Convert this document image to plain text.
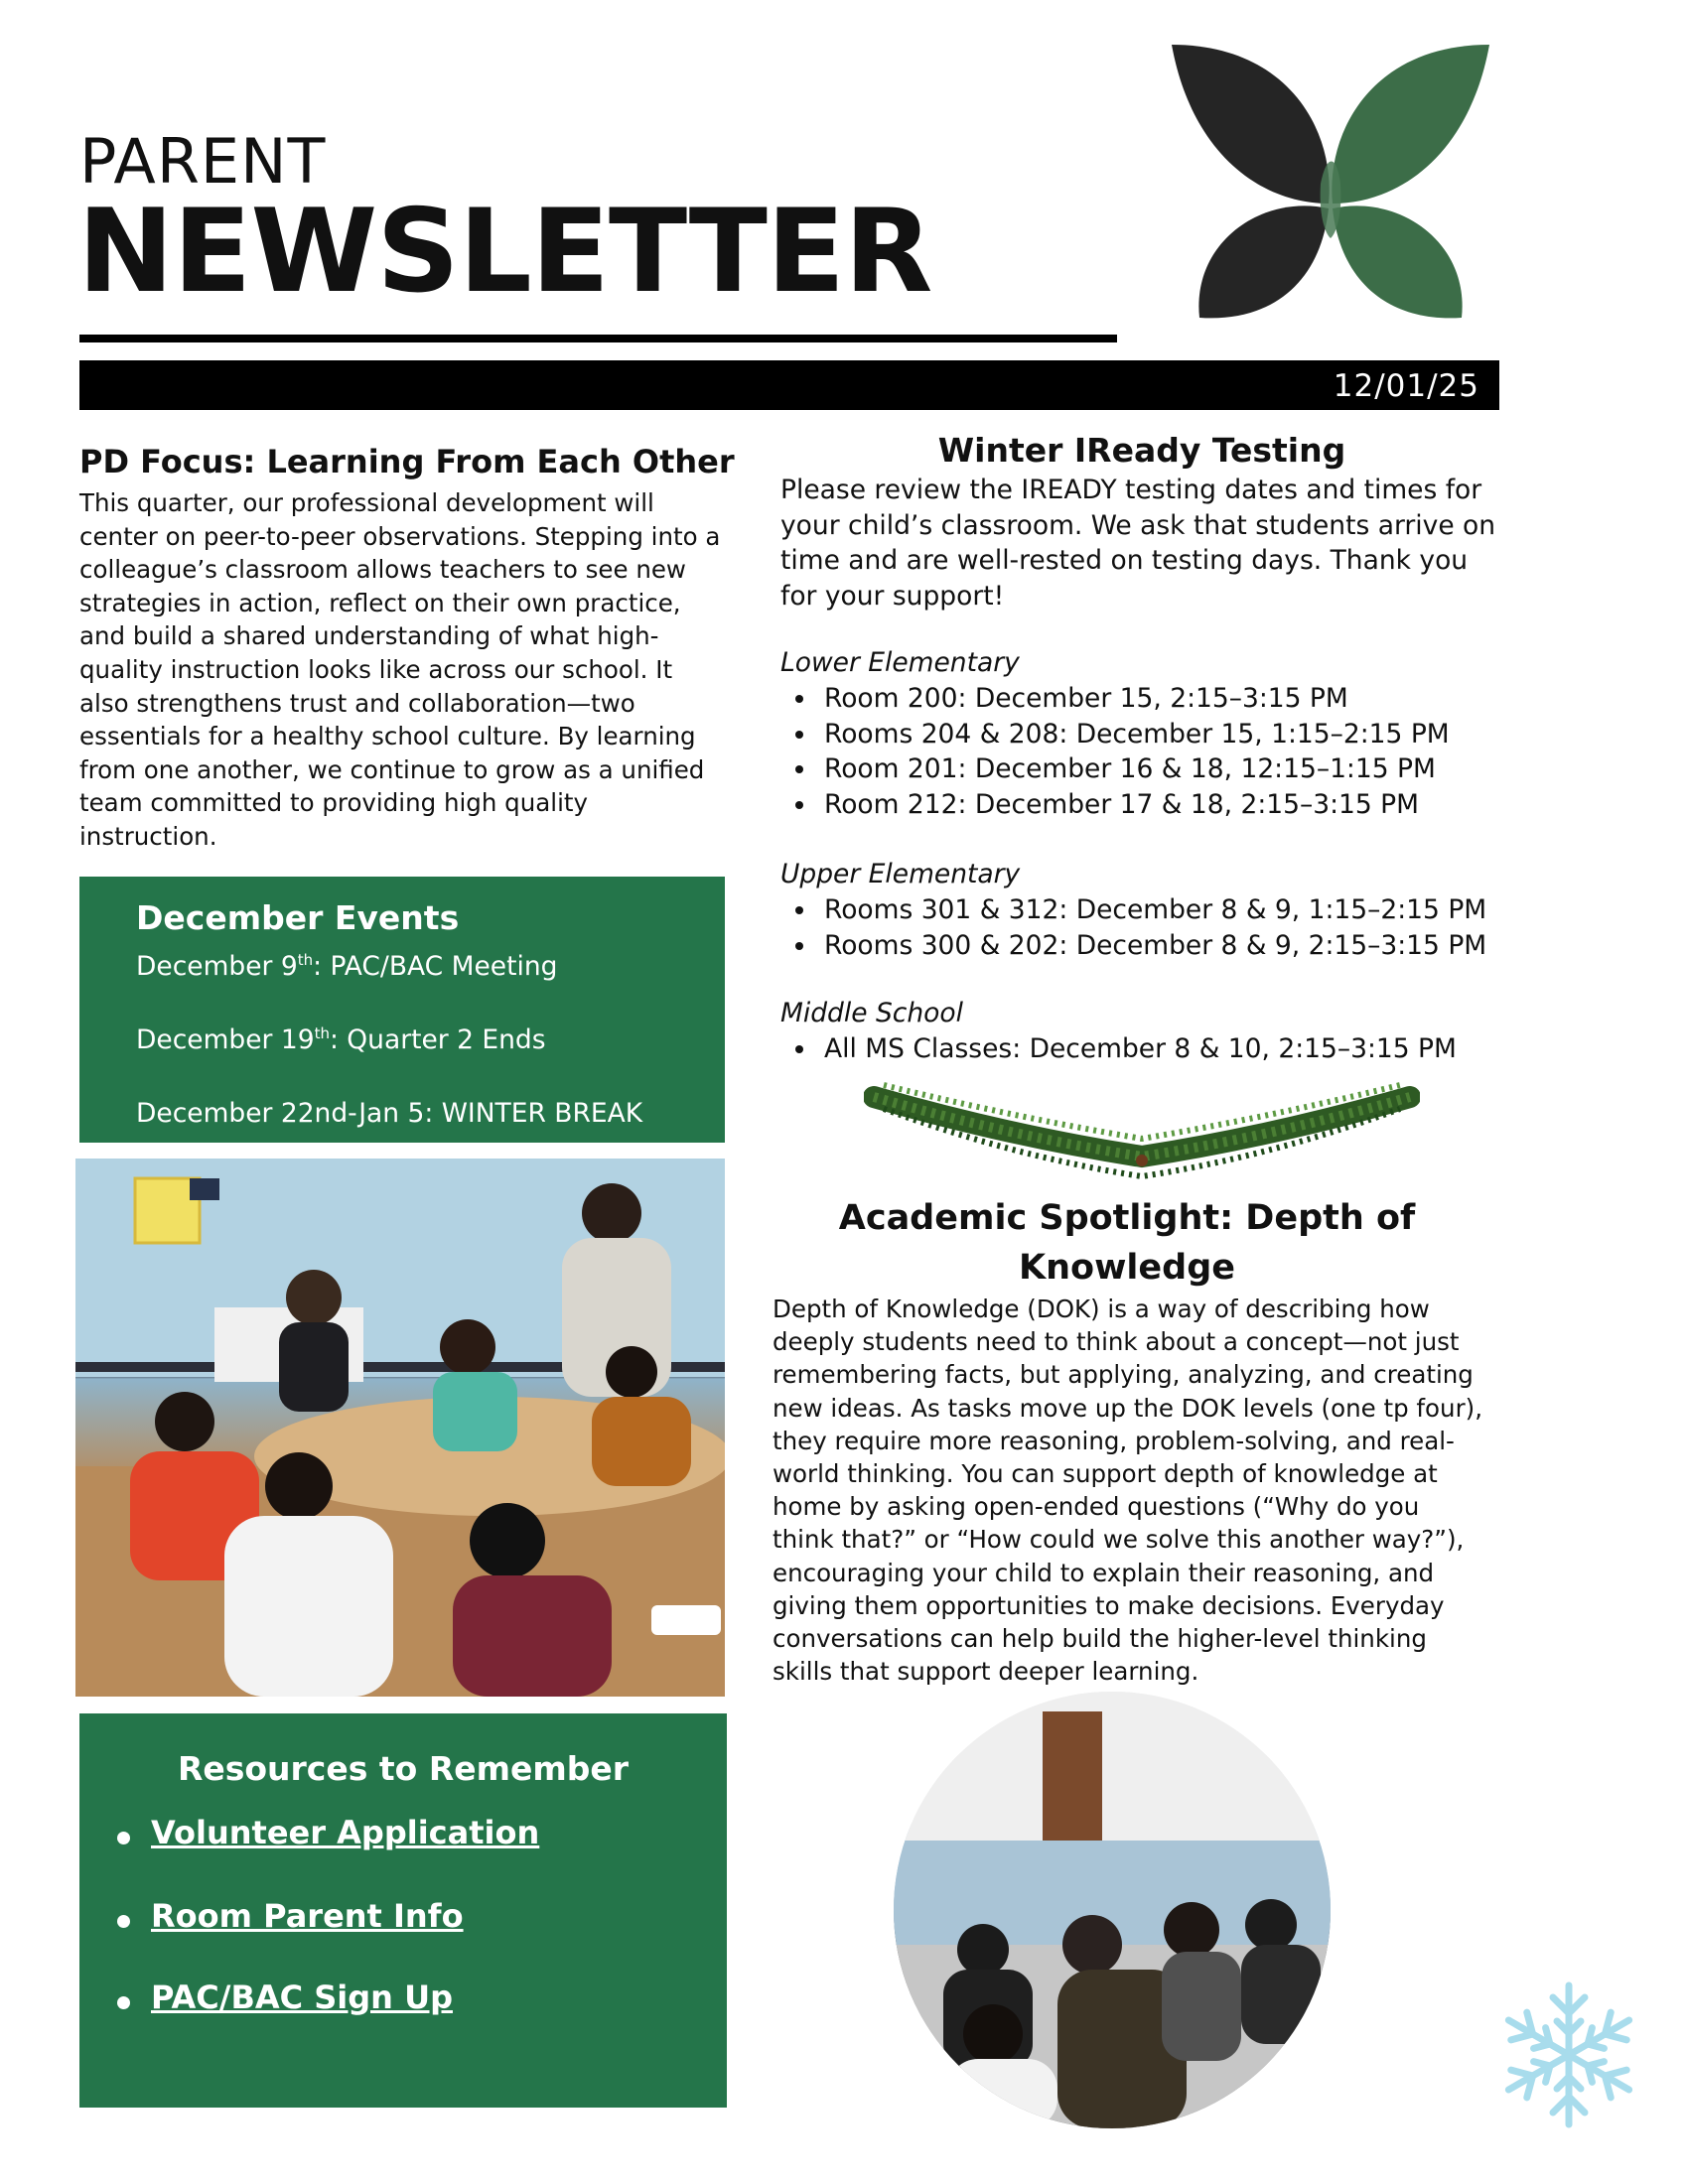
PARENT
NEWSLETTER
12/01/25
PD Focus: Learning From Each Other
This quarter, our professional development will center on peer-to-peer observations. Stepping into a colleague’s classroom allows teachers to see new strategies in action, reflect on their own practice, and build a shared understanding of what high-quality instruction looks like across our school. It also strengthens trust and collaboration—two essentials for a healthy school culture. By learning from one another, we continue to grow as a unified team committed to providing high quality instruction.
December Events
December 9th: PAC/BAC Meeting
December 19th: Quarter 2 Ends
December 22nd-Jan 5: WINTER BREAK
Resources to Remember
Volunteer Application
Room Parent Info
PAC/BAC Sign Up
Winter IReady Testing
Please review the IREADY testing dates and times for your child’s classroom. We ask that students arrive on time and are well-rested on testing days. Thank you for your support!
Lower Elementary
Room 200: December 15, 2:15–3:15 PM
Rooms 204 & 208: December 15, 1:15–2:15 PM
Room 201: December 16 & 18, 12:15–1:15 PM
Room 212: December 17 & 18, 2:15–3:15 PM
Upper Elementary
Rooms 301 & 312: December 8 & 9, 1:15–2:15 PM
Rooms 300 & 202: December 8 & 9, 2:15–3:15 PM
Middle School
All MS Classes: December 8 & 10, 2:15–3:15 PM
Academic Spotlight: Depth of
Knowledge
Depth of Knowledge (DOK) is a way of describing how deeply students need to think about a concept—not just remembering facts, but applying, analyzing, and creating new ideas. As tasks move up the DOK levels (one tp four), they require more reasoning, problem-solving, and real-world thinking. You can support depth of knowledge at home by asking open-ended questions (“Why do you think that?” or “How could we solve this another way?”), encouraging your child to explain their reasoning, and giving them opportunities to make decisions. Everyday conversations can help build the higher-level thinking skills that support deeper learning.
